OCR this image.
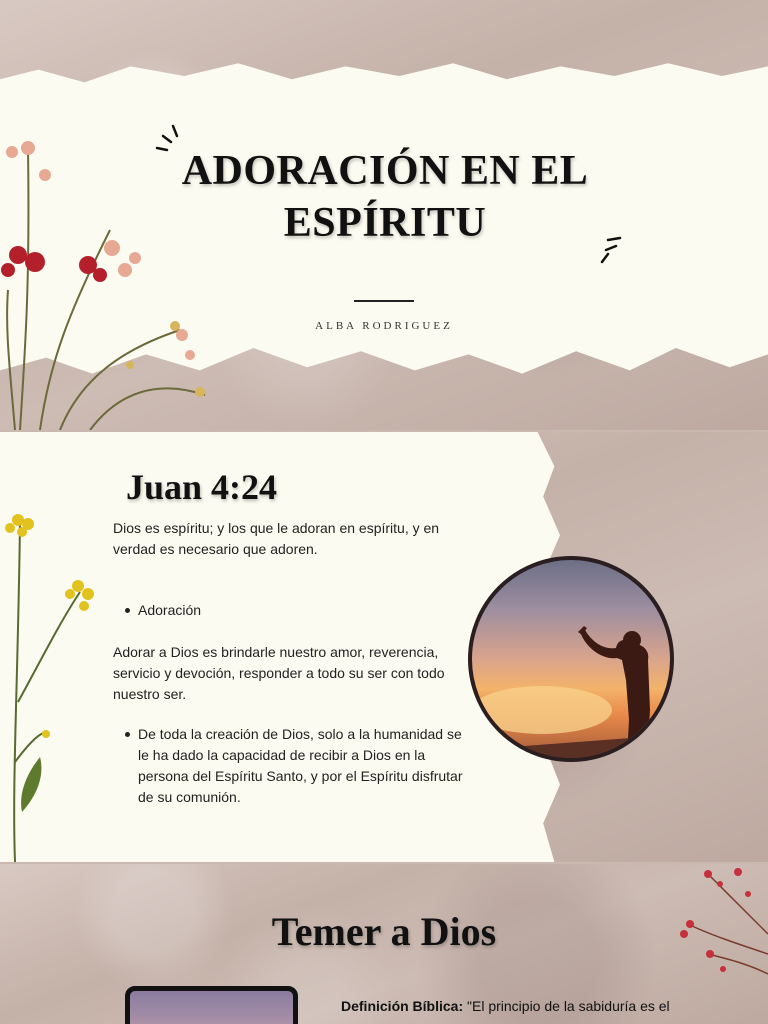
ADORACIÓN EN EL ESPÍRITU
ALBA RODRIGUEZ
Juan 4:24

Dios es espíritu; y los que le adoran en espíritu, y en verdad es necesario que adoren.

Adoración

Adorar a Dios es brindarle nuestro amor, reverencia, servicio y devoción, responder a todo su ser con todo nuestro ser.

De toda la creación de Dios, solo a la humanidad se le ha dado la capacidad de recibir a Dios en la persona del Espíritu Santo, y por el Espíritu disfrutar de su comunión.

Temer a Dios

Definición Bíblica: "El principio de la sabiduría es el
